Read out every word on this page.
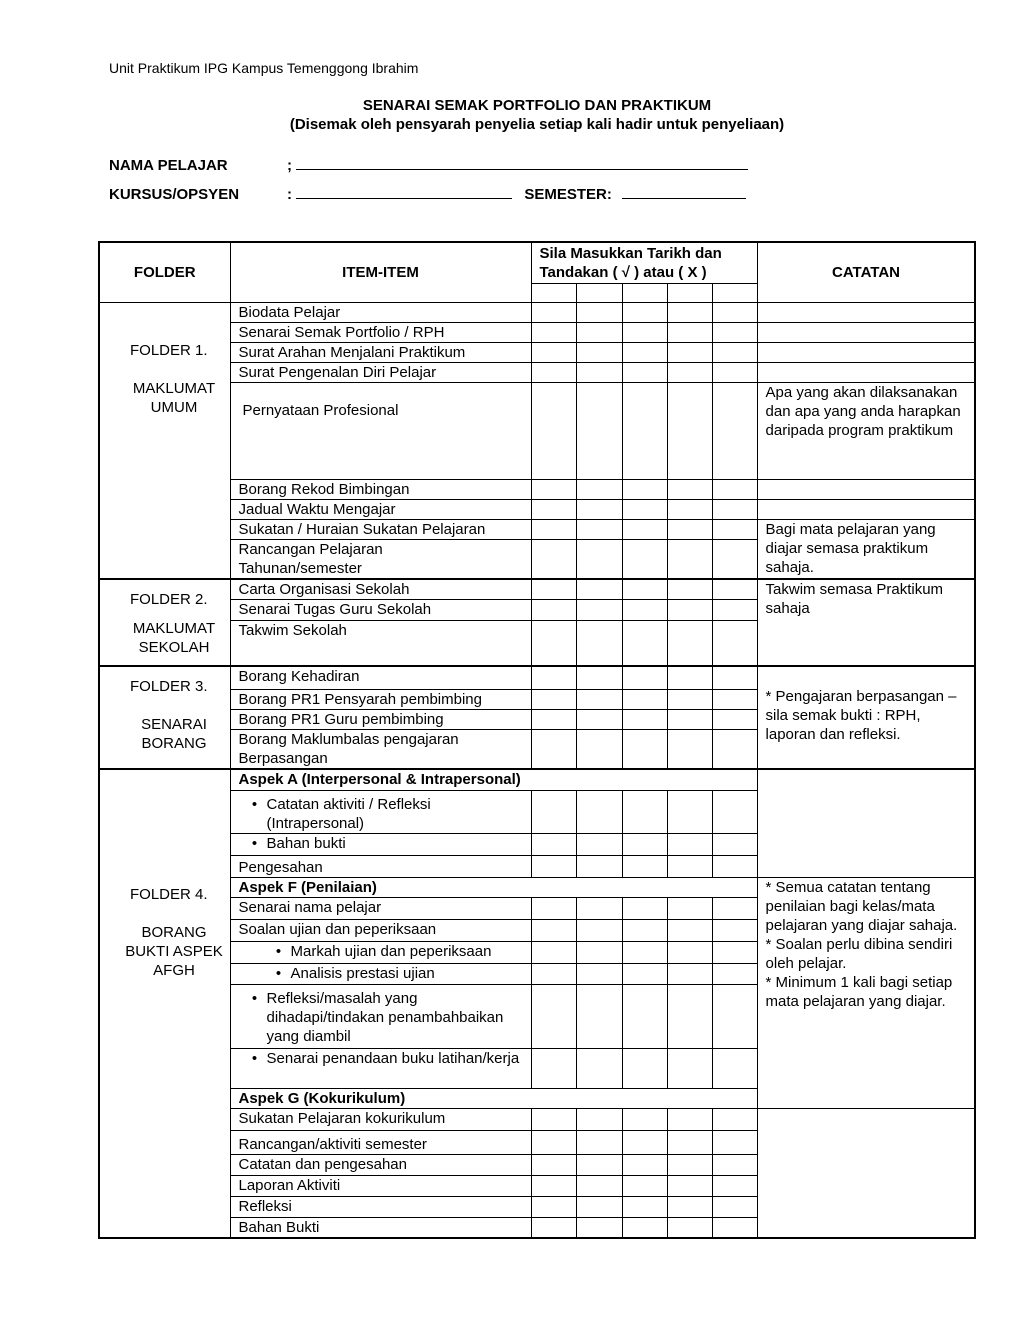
Unit Praktikum IPG Kampus Temenggong Ibrahim
SENARAI SEMAK PORTFOLIO DAN PRAKTIKUM
(Disemak oleh pensyarah penyelia setiap kali hadir untuk penyeliaan)
NAMA PELAJAR	;
KURSUS/OPSYEN	:	SEMESTER:
FOLDER	ITEM-ITEM	Sila Masukkan Tarikh dan Tandakan ( √ ) atau ( X )					CATATAN	

FOLDER 1.
MAKLUMAT UMUM	Biodata Pelajar							
	Senarai Semak Portfolio / RPH							
	Surat Arahan Menjalani Praktikum							
	Surat Pengenalan Diri Pelajar							
	Pernyataan Profesional						Apa yang akan dilaksanakan dan apa yang anda harapkan daripada program praktikum	
	Borang Rekod Bimbingan							
	Jadual Waktu Mengajar							
	Sukatan / Huraian Sukatan Pelajaran						Bagi mata pelajaran yang diajar semasa praktikum sahaja.	
	Rancangan Pelajaran Tahunan/semester							

FOLDER 2.
MAKLUMAT SEKOLAH	Carta Organisasi Sekolah						Takwim semasa Praktikum sahaja	
	Senarai Tugas Guru Sekolah							
	Takwim Sekolah							

FOLDER 3.
SENARAI BORANG	Borang Kehadiran						* Pengajaran berpasangan – sila semak bukti : RPH, laporan dan refleksi.	
	Borang PR1 Pensyarah pembimbing							
	Borang PR1 Guru pembimbing							
	Borang Maklumbalas pengajaran Berpasangan							

FOLDER 4.
BORANG BUKTI ASPEK AFGH	Aspek A (Interpersonal & Intrapersonal)							
	• Catatan aktiviti / Refleksi (Intrapersonal)							
	• Bahan bukti							
	Pengesahan							

	Aspek F (Penilaian)						* Semua catatan tentang penilaian bagi kelas/mata pelajaran yang diajar sahaja.
* Soalan perlu dibina sendiri oleh pelajar.
* Minimum 1 kali bagi setiap mata pelajaran yang diajar.	

	Senarai nama pelajar							
	Soalan ujian dan peperiksaan							
	• Markah ujian dan peperiksaan							
	• Analisis prestasi ujian							
	• Refleksi/masalah yang dihadapi/tindakan penambahbaikan yang diambil							
	• Senarai penandaan buku latihan/kerja							
	Aspek G (Kokurikulum)							
	Sukatan Pelajaran kokurikulum							
	Rancangan/aktiviti semester							
	Catatan dan pengesahan							
	Laporan Aktiviti							
	Refleksi							
	Bahan Bukti							
